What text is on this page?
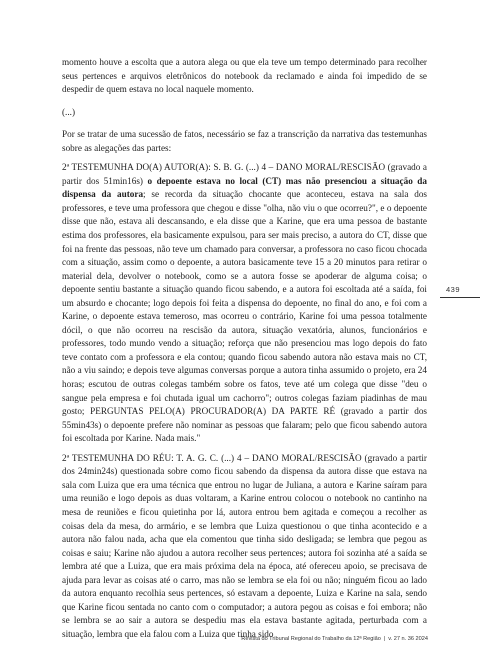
momento houve a escolta que a autora alega ou que ela teve um tempo determinado para recolher seus pertences e arquivos eletrônicos do notebook da reclamado e ainda foi impedido de se despedir de quem estava no local naquele momento.

(...)

Por se tratar de uma sucessão de fatos, necessário se faz a transcrição da narrativa das testemunhas sobre as alegações das partes:

2ª TESTEMUNHA DO(A) AUTOR(A): S. B. G. (...) 4 – DANO MORAL/RESCISÃO (gravado a partir dos 51min16s) o depoente estava no local (CT) mas não presenciou a situação da dispensa da autora; se recorda da situação chocante que aconteceu, estava na sala dos professores, e teve uma professora que chegou e disse "olha, não viu o que ocorreu?", e o depoente disse que não, estava ali descansando, e ela disse que a Karine, que era uma pessoa de bastante estima dos professores, ela basicamente expulsou, para ser mais preciso, a autora do CT, disse que foi na frente das pessoas, não teve um chamado para conversar, a professora no caso ficou chocada com a situação, assim como o depoente, a autora basicamente teve 15 a 20 minutos para retirar o material dela, devolver o notebook, como se a autora fosse se apoderar de alguma coisa; o depoente sentiu bastante a situação quando ficou sabendo, e a autora foi escoltada até a saída, foi um absurdo e chocante; logo depois foi feita a dispensa do depoente, no final do ano, e foi com a Karine, o depoente estava temeroso, mas ocorreu o contrário, Karine foi uma pessoa totalmente dócil, o que não ocorreu na rescisão da autora, situação vexatória, alunos, funcionários e professores, todo mundo vendo a situação; reforça que não presenciou mas logo depois do fato teve contato com a professora e ela contou; quando ficou sabendo autora não estava mais no CT, não a viu saindo; e depois teve algumas conversas porque a autora tinha assumido o projeto, era 24 horas; escutou de outras colegas também sobre os fatos, teve até um colega que disse "deu o sangue pela empresa e foi chutada igual um cachorro"; outros colegas faziam piadinhas de mau gosto; PERGUNTAS PELO(A) PROCURADOR(A) DA PARTE RÉ (gravado a partir dos 55min43s) o depoente prefere não nominar as pessoas que falaram; pelo que ficou sabendo autora foi escoltada por Karine. Nada mais."

2ª TESTEMUNHA DO RÉU: T. A. G. C. (...) 4 – DANO MORAL/RESCISÃO (gravado a partir dos 24min24s) questionada sobre como ficou sabendo da dispensa da autora disse que estava na sala com Luiza que era uma técnica que entrou no lugar de Juliana, a autora e Karine saíram para uma reunião e logo depois as duas voltaram, a Karine entrou colocou o notebook no cantinho na mesa de reuniões e ficou quietinha por lá, autora entrou bem agitada e começou a recolher as coisas dela da mesa, do armário, e se lembra que Luiza questionou o que tinha acontecido e a autora não falou nada, acha que ela comentou que tinha sido desligada; se lembra que pegou as coisas e saiu; Karine não ajudou a autora recolher seus pertences; autora foi sozinha até a saída se lembra até que a Luiza, que era mais próxima dela na época, até ofereceu apoio, se precisava de ajuda para levar as coisas até o carro, mas não se lembra se ela foi ou não; ninguém ficou ao lado da autora enquanto recolhia seus pertences, só estavam a depoente, Luiza e Karine na sala, sendo que Karine ficou sentada no canto com o computador; a autora pegou as coisas e foi embora; não se lembra se ao sair a autora se despediu mas ela estava bastante agitada, perturbada com a situação, lembra que ela falou com a Luiza que tinha sido

439
Revista do Tribunal Regional do Trabalho da 12ª Região | v. 27 n. 36 2024
